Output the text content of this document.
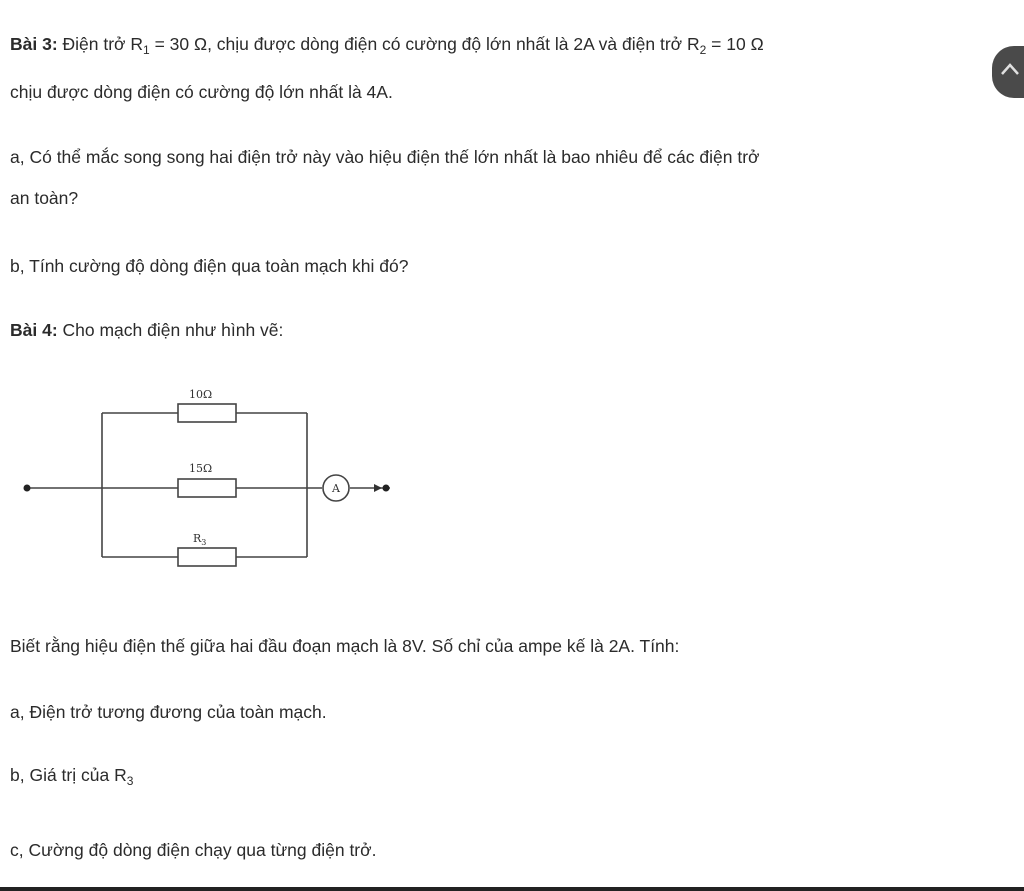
Bài 3: Điện trở $R_1 = 30$ Ω, chịu được dòng điện có cường độ lớn nhất là 2A và điện trở $R_2 = 10$ Ω

chịu được dòng điện có cường độ lớn nhất là 4A.

a, Có thể mắc song song hai điện trở này vào hiệu điện thế lớn nhất là bao nhiêu để các điện trở

an toàn?

b, Tính cường độ dòng điện qua toàn mạch khi đó?

Bài 4: Cho mạch điện như hình vẽ:

10Ω
15Ω
$R_3$
A

Biết rằng hiệu điện thế giữa hai đầu đoạn mạch là 8V. Số chỉ của ampe kế là 2A. Tính:

a, Điện trở tương đương của toàn mạch.

b, Giá trị của $R_3$

c, Cường độ dòng điện chạy qua từng điện trở.
